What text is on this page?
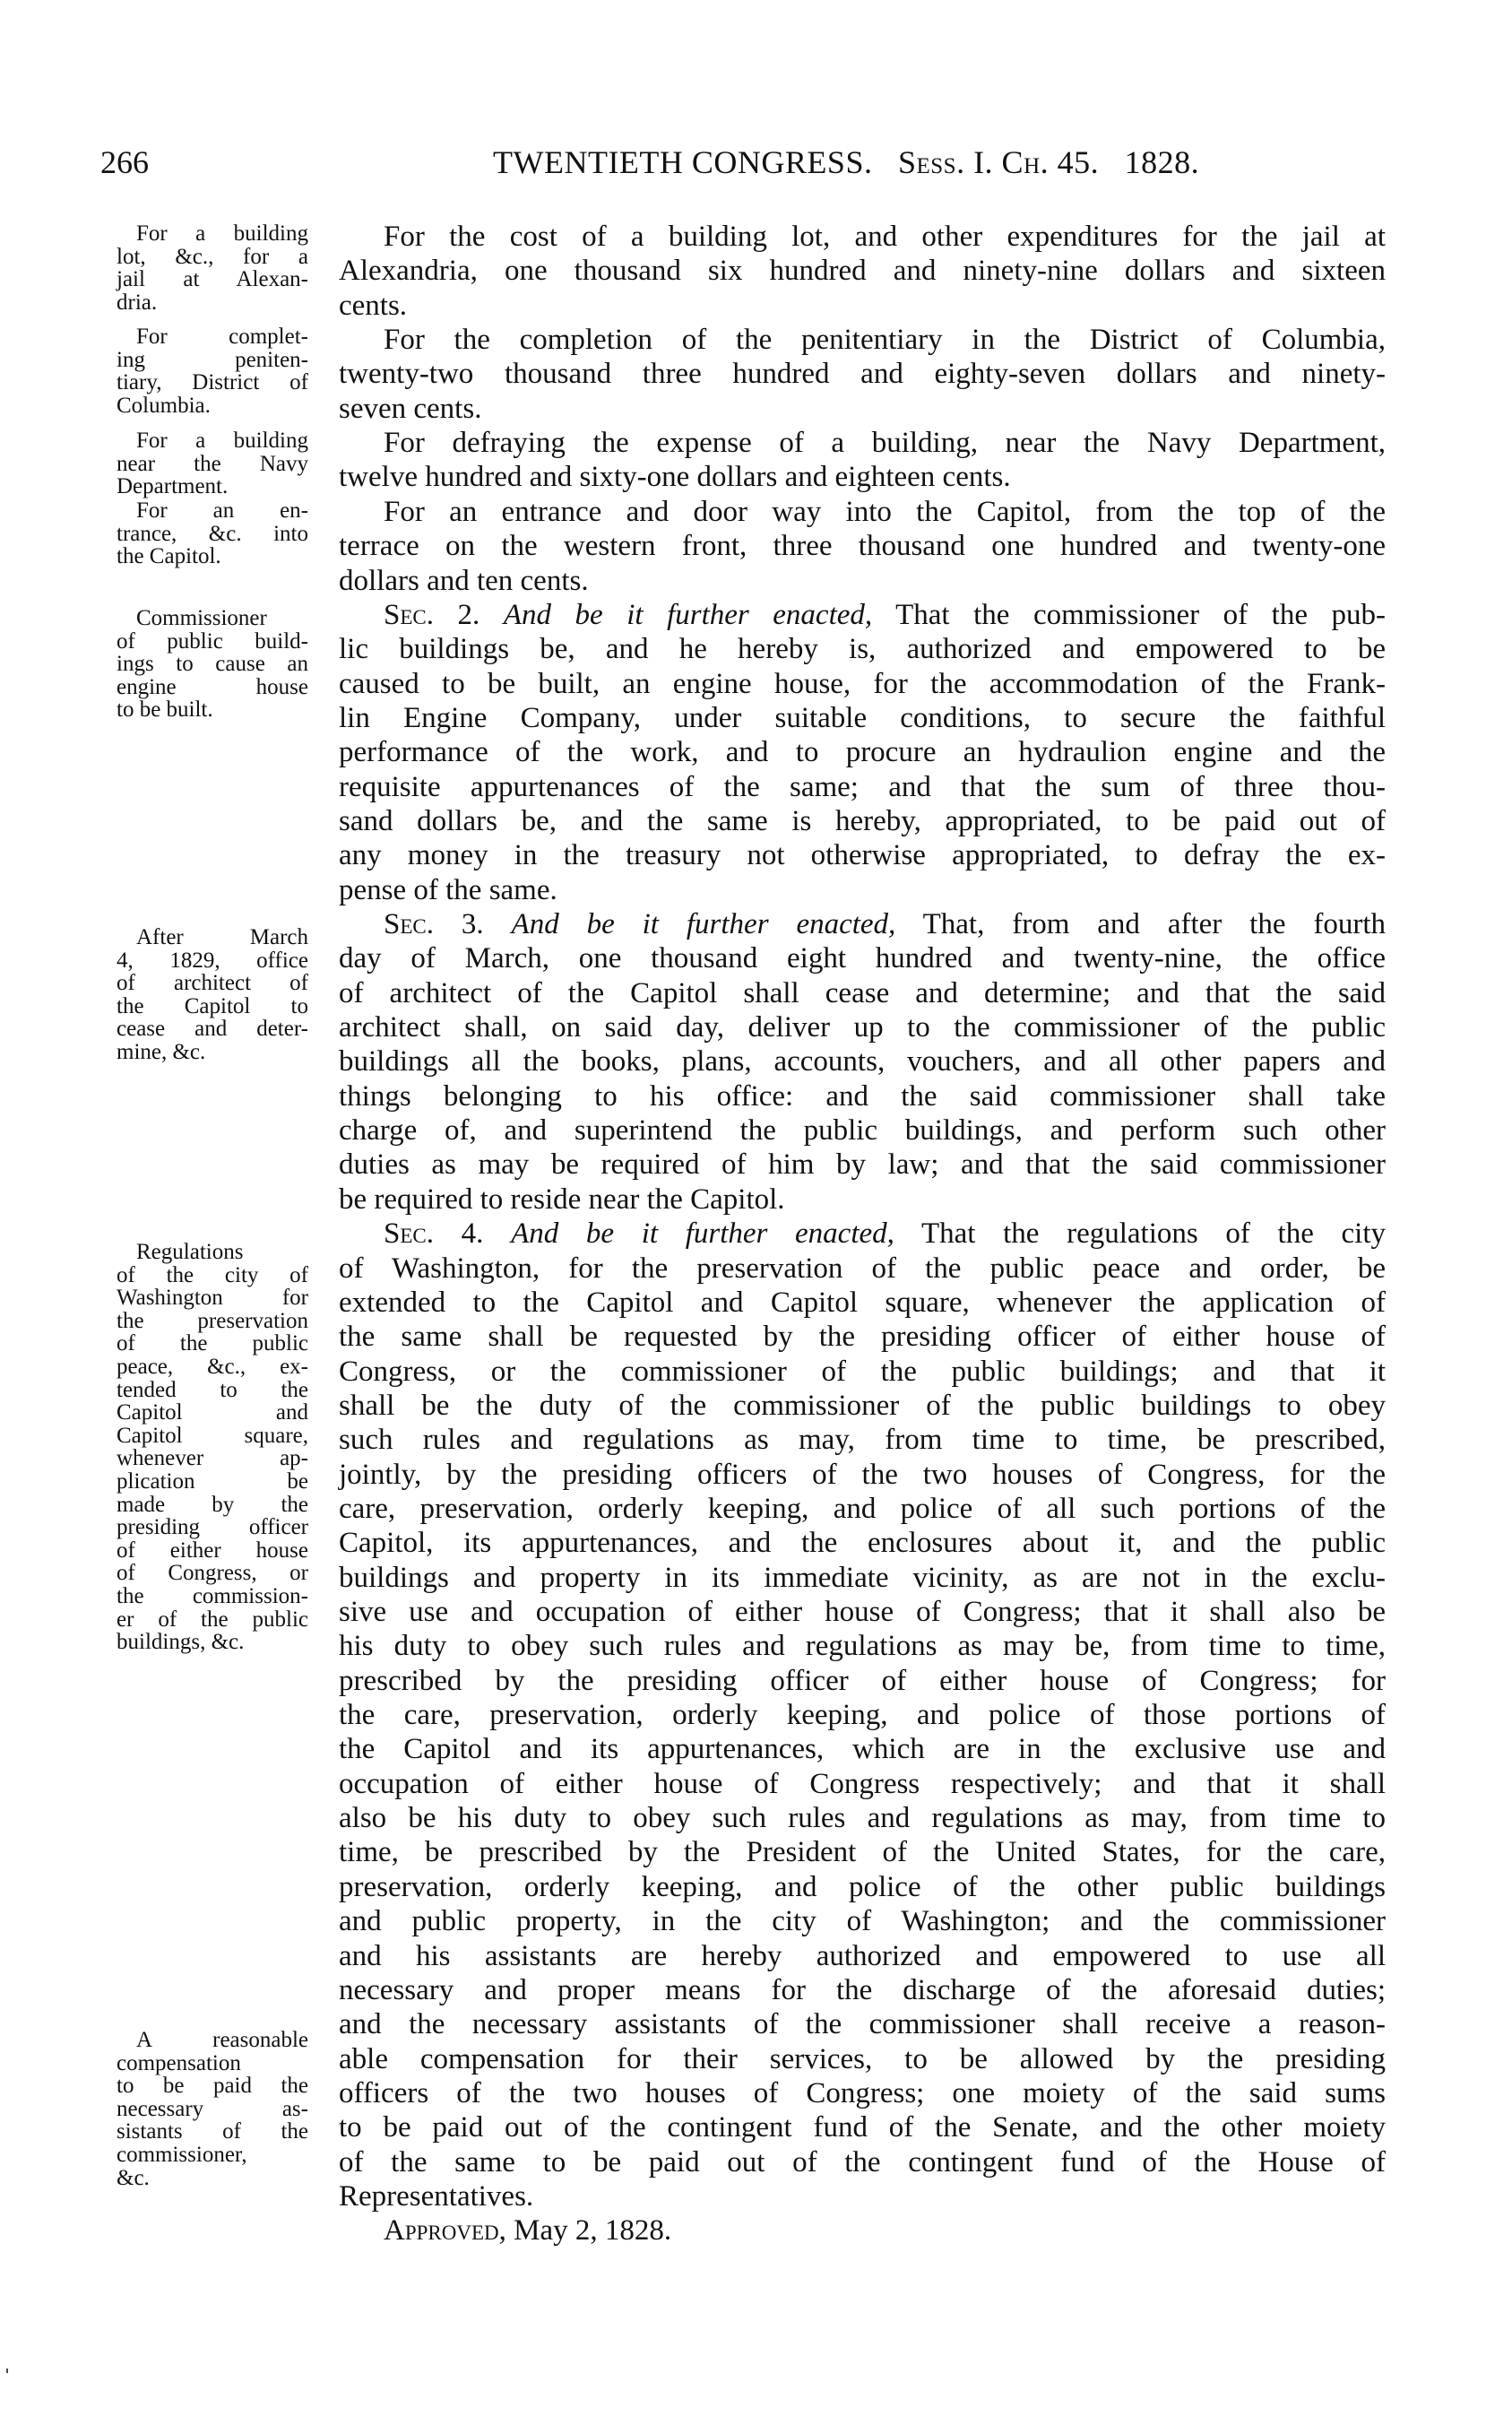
266	TWENTIETH CONGRESS. Sess. I. Ch. 45. 1828.
For the cost of a building lot, and other expenditures for the jail at
Alexandria, one thousand six hundred and ninety-nine dollars and sixteen
cents.
For the completion of the penitentiary in the District of Columbia,
twenty-two thousand three hundred and eighty-seven dollars and ninety-
seven cents.
For defraying the expense of a building, near the Navy Department,
twelve hundred and sixty-one dollars and eighteen cents.
For an entrance and door way into the Capitol, from the top of the
terrace on the western front, three thousand one hundred and twenty-one
dollars and ten cents.
Sec. 2. And be it further enacted, That the commissioner of the pub-
lic buildings be, and he hereby is, authorized and empowered to be
caused to be built, an engine house, for the accommodation of the Frank-
lin Engine Company, under suitable conditions, to secure the faithful
performance of the work, and to procure an hydraulion engine and the
requisite appurtenances of the same; and that the sum of three thou-
sand dollars be, and the same is hereby, appropriated, to be paid out of
any money in the treasury not otherwise appropriated, to defray the ex-
pense of the same.
Sec. 3. And be it further enacted, That, from and after the fourth
day of March, one thousand eight hundred and twenty-nine, the office
of architect of the Capitol shall cease and determine; and that the said
architect shall, on said day, deliver up to the commissioner of the public
buildings all the books, plans, accounts, vouchers, and all other papers and
things belonging to his office: and the said commissioner shall take
charge of, and superintend the public buildings, and perform such other
duties as may be required of him by law; and that the said commissioner
be required to reside near the Capitol.
Sec. 4. And be it further enacted, That the regulations of the city
of Washington, for the preservation of the public peace and order, be
extended to the Capitol and Capitol square, whenever the application of
the same shall be requested by the presiding officer of either house of
Congress, or the commissioner of the public buildings; and that it
shall be the duty of the commissioner of the public buildings to obey
such rules and regulations as may, from time to time, be prescribed,
jointly, by the presiding officers of the two houses of Congress, for the
care, preservation, orderly keeping, and police of all such portions of the
Capitol, its appurtenances, and the enclosures about it, and the public
buildings and property in its immediate vicinity, as are not in the exclu-
sive use and occupation of either house of Congress; that it shall also be
his duty to obey such rules and regulations as may be, from time to time,
prescribed by the presiding officer of either house of Congress; for
the care, preservation, orderly keeping, and police of those portions of
the Capitol and its appurtenances, which are in the exclusive use and
occupation of either house of Congress respectively; and that it shall
also be his duty to obey such rules and regulations as may, from time to
time, be prescribed by the President of the United States, for the care,
preservation, orderly keeping, and police of the other public buildings
and public property, in the city of Washington; and the commissioner
and his assistants are hereby authorized and empowered to use all
necessary and proper means for the discharge of the aforesaid duties;
and the necessary assistants of the commissioner shall receive a reason-
able compensation for their services, to be allowed by the presiding
officers of the two houses of Congress; one moiety of the said sums
to be paid out of the contingent fund of the Senate, and the other moiety
of the same to be paid out of the contingent fund of the House of
Representatives.
Approved, May 2, 1828.
For a building
lot, &c., for a
jail at Alexan-
dria.
For complet-
ing peniten-
tiary, District of
Columbia.
For a building
near the Navy
Department.
For an en-
trance, &c. into
the Capitol.
Commissioner
of public build-
ings to cause an
engine house
to be built.
After March
4, 1829, office
of architect of
the Capitol to
cease and deter-
mine, &c.
Regulations
of the city of
Washington for
the preservation
of the public
peace, &c., ex-
tended to the
Capitol and
Capitol square,
whenever ap-
plication be
made by the
presiding officer
of either house
of Congress, or
the commission-
er of the public
buildings, &c.
A reasonable
compensation
to be paid the
necessary as-
sistants of the
commissioner,
&c.
